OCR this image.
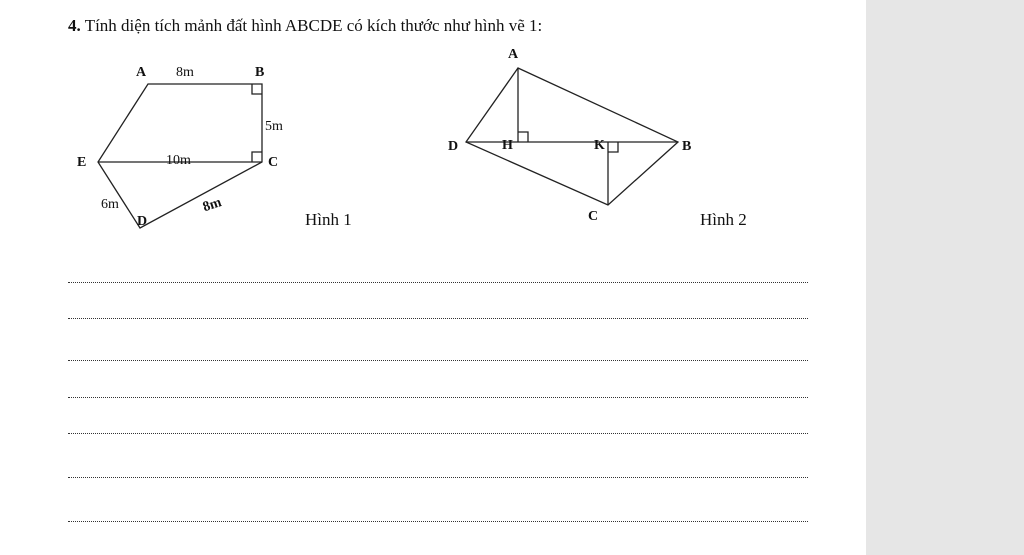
4. Tính diện tích mảnh đất hình ABCDE có kích thước như hình vẽ 1:
A	B
C
D
E
8m
5m
10m
6m	8m
A
B
C
D	H	K
Hình 1	Hình 2
